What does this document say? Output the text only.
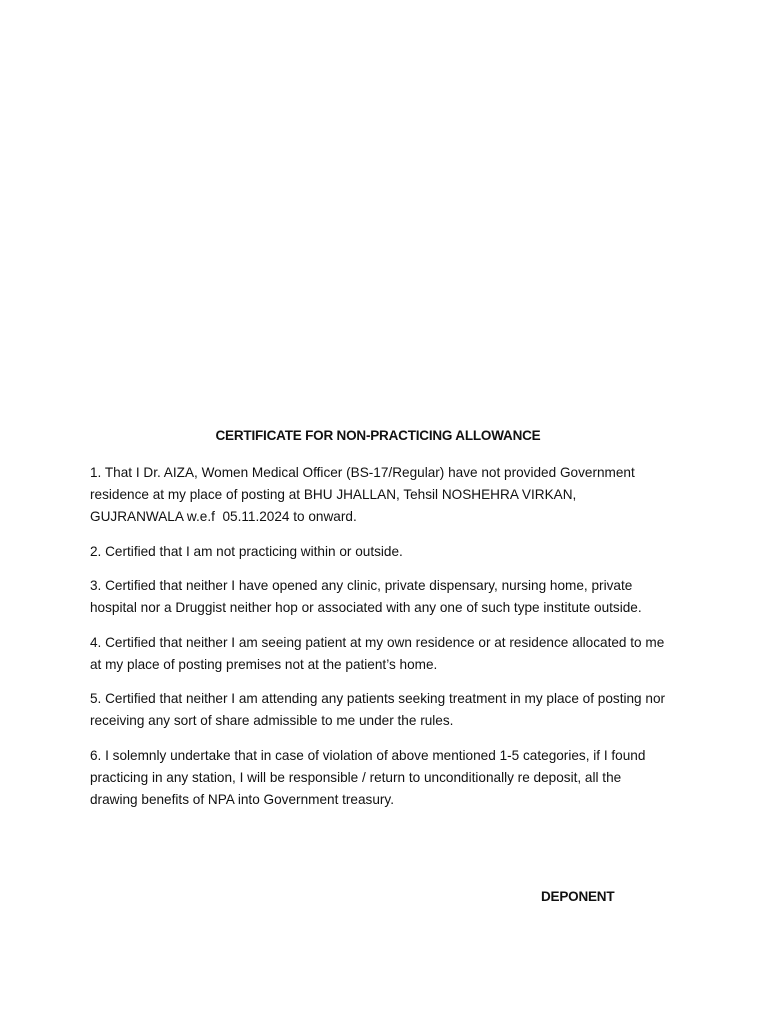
CERTIFICATE FOR NON-PRACTICING ALLOWANCE

1. That I Dr. AIZA, Women Medical Officer (BS-17/Regular) have not provided Government residence at my place of posting at BHU JHALLAN, Tehsil NOSHEHRA VIRKAN, GUJRANWALA w.e.f  05.11.2024 to onward.

2. Certified that I am not practicing within or outside.

3. Certified that neither I have opened any clinic, private dispensary, nursing home, private hospital nor a Druggist neither hop or associated with any one of such type institute outside.

4. Certified that neither I am seeing patient at my own residence or at residence allocated to me at my place of posting premises not at the patient’s home.

5. Certified that neither I am attending any patients seeking treatment in my place of posting nor receiving any sort of share admissible to me under the rules.

6. I solemnly undertake that in case of violation of above mentioned 1-5 categories, if I found practicing in any station, I will be responsible / return to unconditionally re deposit, all the drawing benefits of NPA into Government treasury.

DEPONENT
